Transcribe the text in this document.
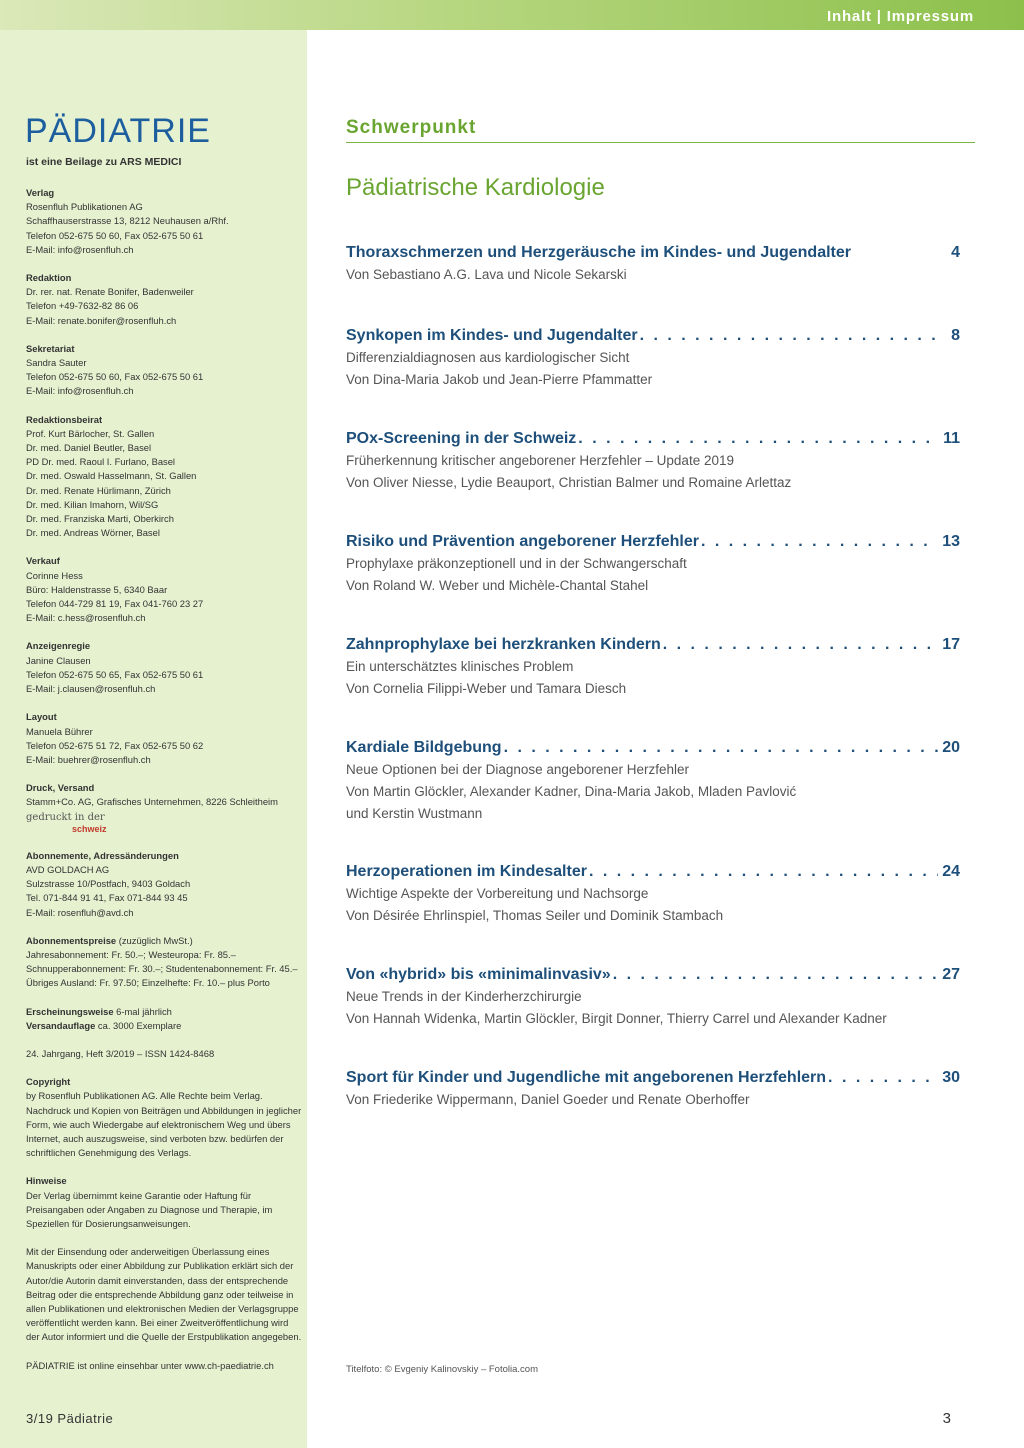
Inhalt | Impressum
PÄDIATRIE
ist eine Beilage zu ARS MEDICI
Verlag
Rosenfluh Publikationen AG
Schaffhauserstrasse 13, 8212 Neuhausen a/Rhf.
Telefon 052-675 50 60, Fax 052-675 50 61
E-Mail: info@rosenfluh.ch
Redaktion
Dr. rer. nat. Renate Bonifer, Badenweiler
Telefon +49-7632-82 86 06
E-Mail: renate.bonifer@rosenfluh.ch
Sekretariat
Sandra Sauter
Telefon 052-675 50 60, Fax 052-675 50 61
E-Mail: info@rosenfluh.ch
Redaktionsbeirat
Prof. Kurt Bärlocher, St. Gallen
Dr. med. Daniel Beutler, Basel
PD Dr. med. Raoul I. Furlano, Basel
Dr. med. Oswald Hasselmann, St. Gallen
Dr. med. Renate Hürlimann, Zürich
Dr. med. Kilian Imahorn, Wil/SG
Dr. med. Franziska Marti, Oberkirch
Dr. med. Andreas Wörner, Basel
Verkauf
Corinne Hess
Büro: Haldenstrasse 5, 6340 Baar
Telefon 044-729 81 19, Fax 041-760 23 27
E-Mail: c.hess@rosenfluh.ch
Anzeigenregie
Janine Clausen
Telefon 052-675 50 65, Fax 052-675 50 61
E-Mail: j.clausen@rosenfluh.ch
Layout
Manuela Bührer
Telefon 052-675 51 72, Fax 052-675 50 62
E-Mail: buehrer@rosenfluh.ch
Druck, Versand
Stamm+Co. AG, Grafisches Unternehmen, 8226 Schleitheim
gedruckt in der
schweiz
Abonnemente, Adressänderungen
AVD GOLDACH AG
Sulzstrasse 10/Postfach, 9403 Goldach
Tel. 071-844 91 41, Fax 071-844 93 45
E-Mail: rosenfluh@avd.ch
Abonnementspreise (zuzüglich MwSt.)
Jahresabonnement: Fr. 50.–; Westeuropa: Fr. 85.–
Schnupperabonnement: Fr. 30.–; Studentenabonnement: Fr. 45.–
Übriges Ausland: Fr. 97.50; Einzelhefte: Fr. 10.– plus Porto
Erscheinungsweise 6-mal jährlich
Versandauflage ca. 3000 Exemplare
24. Jahrgang, Heft 3/2019 – ISSN 1424-8468
Copyright
by Rosenfluh Publikationen AG. Alle Rechte beim Verlag. Nachdruck und Kopien von Beiträgen und Abbildungen in jeglicher Form, wie auch Wiedergabe auf elektronischem Weg und übers Internet, auch auszugsweise, sind verboten bzw. bedürfen der schriftlichen Genehmigung des Verlags.
Hinweise
Der Verlag übernimmt keine Garantie oder Haftung für Preisangaben oder Angaben zu Diagnose und Therapie, im Speziellen für Dosierungsanweisungen.
Mit der Einsendung oder anderweitigen Überlassung eines Manuskripts oder einer Abbildung zur Publikation erklärt sich der Autor/die Autorin damit einverstanden, dass der entsprechende Beitrag oder die entsprechende Abbildung ganz oder teilweise in allen Publikationen und elektronischen Medien der Verlagsgruppe veröffentlicht werden kann. Bei einer Zweitveröffentlichung wird der Autor informiert und die Quelle der Erstpublikation angegeben.
PÄDIATRIE ist online einsehbar unter www.ch-paediatrie.ch
3/19 Pädiatrie	3
Schwerpunkt
Pädiatrische Kardiologie
Thoraxschmerzen und Herzgeräusche im Kindes- und Jugendalter	4
Von Sebastiano A.G. Lava und Nicole Sekarski
Synkopen im Kindes- und Jugendalter . . .	8
Differenzialdiagnosen aus kardiologischer Sicht
Von Dina-Maria Jakob und Jean-Pierre Pfammatter
POx-Screening in der Schweiz . . .	11
Früherkennung kritischer angeborener Herzfehler – Update 2019
Von Oliver Niesse, Lydie Beauport, Christian Balmer und Romaine Arlettaz
Risiko und Prävention angeborener Herzfehler . . .	13
Prophylaxe präkonzeptionell und in der Schwangerschaft
Von Roland W. Weber und Michèle-Chantal Stahel
Zahnprophylaxe bei herzkranken Kindern . . .	17
Ein unterschätztes klinisches Problem
Von Cornelia Filippi-Weber und Tamara Diesch
Kardiale Bildgebung . . .	20
Neue Optionen bei der Diagnose angeborener Herzfehler
Von Martin Glöckler, Alexander Kadner, Dina-Maria Jakob, Mladen Pavlović
und Kerstin Wustmann
Herzoperationen im Kindesalter . . .	24
Wichtige Aspekte der Vorbereitung und Nachsorge
Von Désirée Ehrlinspiel, Thomas Seiler und Dominik Stambach
Von «hybrid» bis «minimalinvasiv» . . .	27
Neue Trends in der Kinderherzchirurgie
Von Hannah Widenka, Martin Glöckler, Birgit Donner, Thierry Carrel und Alexander Kadner
Sport für Kinder und Jugendliche mit angeborenen Herzfehlern . . .	30
Von Friederike Wippermann, Daniel Goeder und Renate Oberhoffer
Titelfoto: © Evgeniy Kalinovskiy – Fotolia.com
